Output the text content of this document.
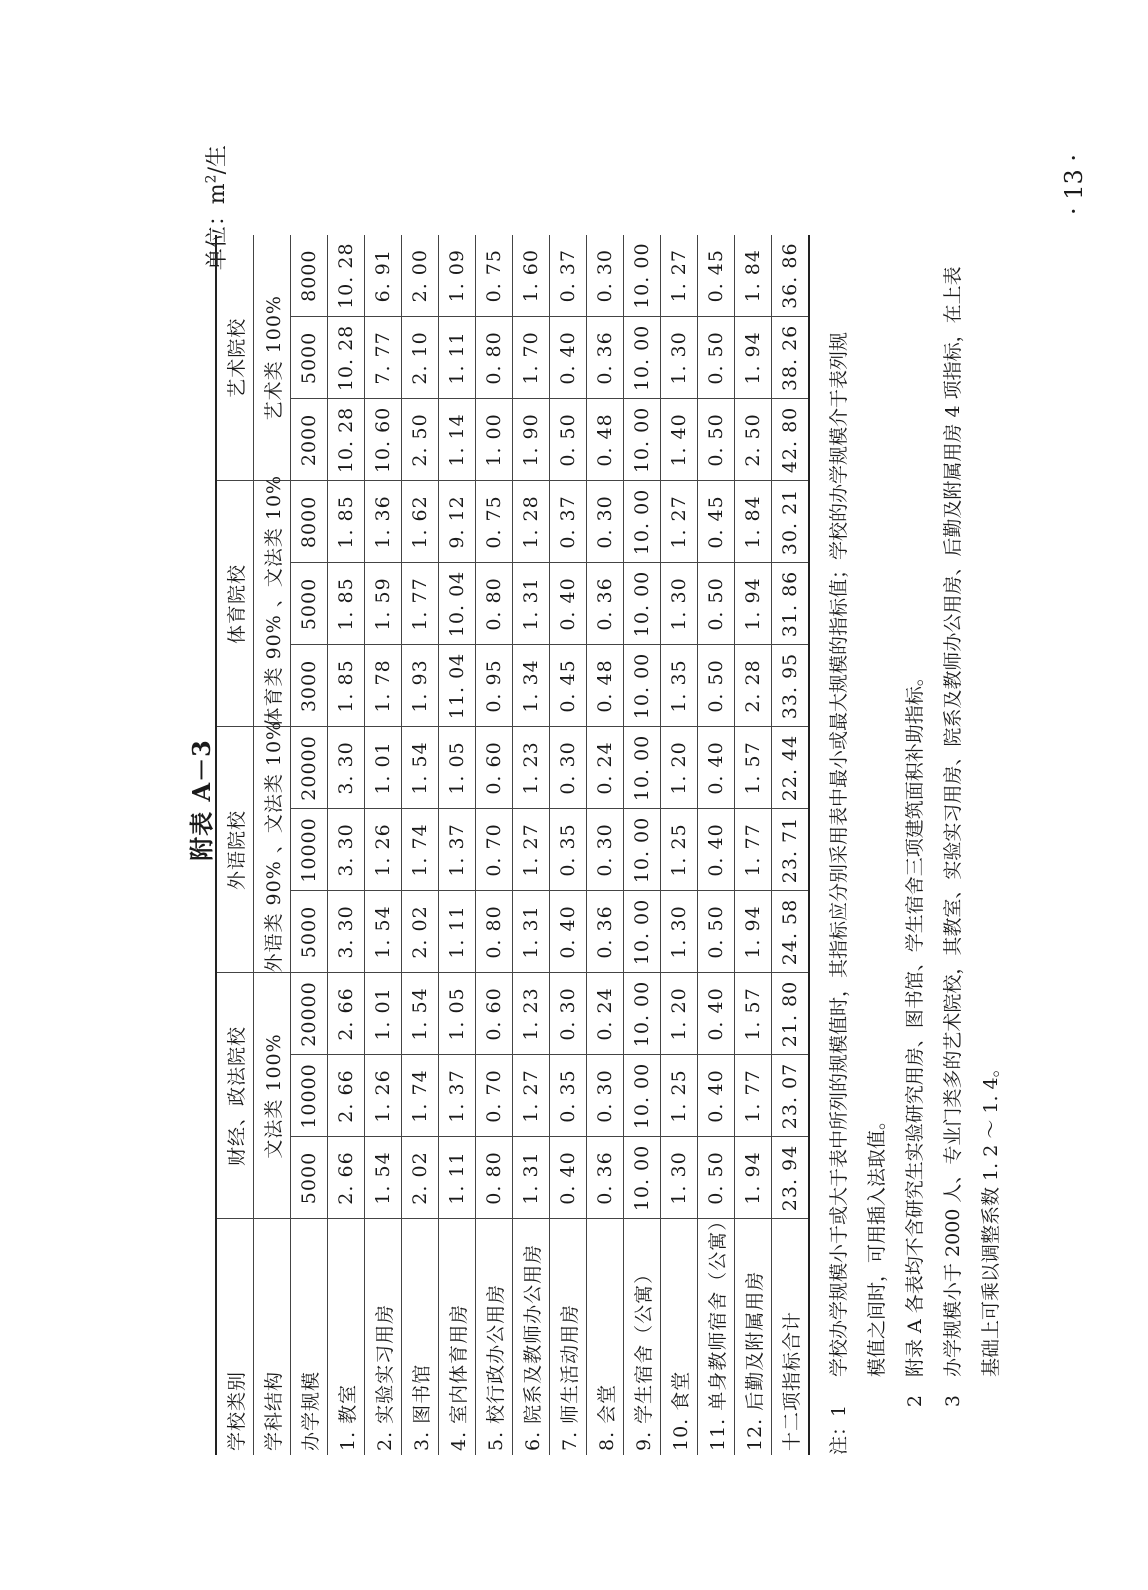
附表 A－3
单位：$m^2/$生
学校类别	财经、政法院校			外语院校			体育院校			艺术院校		
学科结构	文法类 100%			外语类 90% 、文法类 10%			体育类 90% 、文法类 10%			艺术类 100%		
办学规模	5000	10000	20000	5000	10000	20000	3000	5000	8000	2000	5000	8000
1. 教室	2. 66	2. 66	2. 66	3. 30	3. 30	3. 30	1. 85	1. 85	1. 85	10. 28	10. 28	10. 28
2. 实验实习用房	1. 54	1. 26	1. 01	1. 54	1. 26	1. 01	1. 78	1. 59	1. 36	10. 60	7. 77	6. 91
3. 图书馆	2. 02	1. 74	1. 54	2. 02	1. 74	1. 54	1. 93	1. 77	1. 62	2. 50	2. 10	2. 00
4. 室内体育用房	1. 11	1. 37	1. 05	1. 11	1. 37	1. 05	11. 04	10. 04	9. 12	1. 14	1. 11	1. 09
5. 校行政办公用房	0. 80	0. 70	0. 60	0. 80	0. 70	0. 60	0. 95	0. 80	0. 75	1. 00	0. 80	0. 75
6. 院系及教师办公用房	1. 31	1. 27	1. 23	1. 31	1. 27	1. 23	1. 34	1. 31	1. 28	1. 90	1. 70	1. 60
7. 师生活动用房	0. 40	0. 35	0. 30	0. 40	0. 35	0. 30	0. 45	0. 40	0. 37	0. 50	0. 40	0. 37
8. 会堂	0. 36	0. 30	0. 24	0. 36	0. 30	0. 24	0. 48	0. 36	0. 30	0. 48	0. 36	0. 30
9. 学生宿舍（公寓）	10. 00	10. 00	10. 00	10. 00	10. 00	10. 00	10. 00	10. 00	10. 00	10. 00	10. 00	10. 00
10. 食堂	1. 30	1. 25	1. 20	1. 30	1. 25	1. 20	1. 35	1. 30	1. 27	1. 40	1. 30	1. 27
11. 单身教师宿舍（公寓）	0. 50	0. 40	0. 40	0. 50	0. 40	0. 40	0. 50	0. 50	0. 45	0. 50	0. 50	0. 45
12. 后勤及附属用房	1. 94	1. 77	1. 57	1. 94	1. 77	1. 57	2. 28	1. 94	1. 84	2. 50	1. 94	1. 84
十二项指标合计	23. 94	23. 07	21. 80	24. 58	23. 71	22. 44	33. 95	31. 86	30. 21	42. 80	38. 26	36. 86
注：1
学校办学规模小于或大于表中所列的规模值时，其指标应分别采用表中最小或最大规模的指标值；学校的办学规模介于表列规 模值之间时，可用插入法取值。
2
附录 A 各表均不含研究生实验研究用房、图书馆、学生宿舍三项建筑面积补助指标。
3
办学规模小于 2000 人、专业门类多的艺术院校，其教室、实验实习用房、院系及教师办公用房、后勤及附属用房 4 项指标，在上表 基础上可乘以调整系数 1. 2 ～ 1. 4。
· 13 ·
